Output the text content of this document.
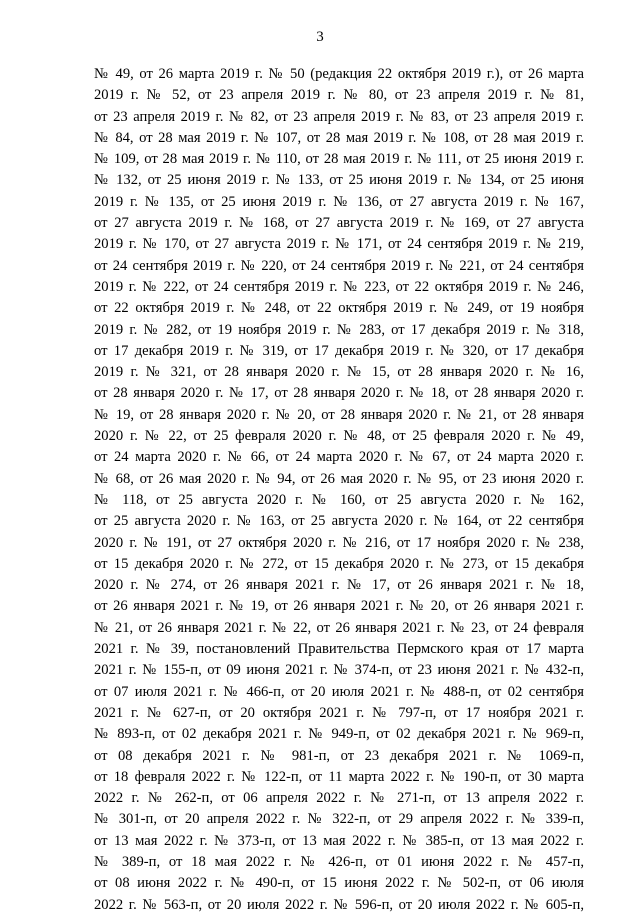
3
№ 49, от 26 марта 2019 г. № 50 (редакция 22 октября 2019 г.), от 26 марта
2019 г. № 52, от 23 апреля 2019 г. № 80, от 23 апреля 2019 г. № 81,
от 23 апреля 2019 г. № 82, от 23 апреля 2019 г. № 83, от 23 апреля 2019 г.
№ 84, от 28 мая 2019 г. № 107, от 28 мая 2019 г. № 108, от 28 мая 2019 г.
№ 109, от 28 мая 2019 г. № 110, от 28 мая 2019 г. № 111, от 25 июня 2019 г.
№ 132, от 25 июня 2019 г. № 133, от 25 июня 2019 г. № 134, от 25 июня
2019 г. № 135, от 25 июня 2019 г. № 136, от 27 августа 2019 г. № 167,
от 27 августа 2019 г. № 168, от 27 августа 2019 г. № 169, от 27 августа
2019 г. № 170, от 27 августа 2019 г. № 171, от 24 сентября 2019 г. № 219,
от 24 сентября 2019 г. № 220, от 24 сентября 2019 г. № 221, от 24 сентября
2019 г. № 222, от 24 сентября 2019 г. № 223, от 22 октября 2019 г. № 246,
от 22 октября 2019 г. № 248, от 22 октября 2019 г. № 249, от 19 ноября
2019 г. № 282, от 19 ноября 2019 г. № 283, от 17 декабря 2019 г. № 318,
от 17 декабря 2019 г. № 319, от 17 декабря 2019 г. № 320, от 17 декабря
2019 г. № 321, от 28 января 2020 г. № 15, от 28 января 2020 г. № 16,
от 28 января 2020 г. № 17, от 28 января 2020 г. № 18, от 28 января 2020 г.
№ 19, от 28 января 2020 г. № 20, от 28 января 2020 г. № 21, от 28 января
2020 г. № 22, от 25 февраля 2020 г. № 48, от 25 февраля 2020 г. № 49,
от 24 марта 2020 г. № 66, от 24 марта 2020 г. № 67, от 24 марта 2020 г.
№ 68, от 26 мая 2020 г. № 94, от 26 мая 2020 г. № 95, от 23 июня 2020 г.
№ 118, от 25 августа 2020 г. № 160, от 25 августа 2020 г. № 162,
от 25 августа 2020 г. № 163, от 25 августа 2020 г. № 164, от 22 сентября
2020 г. № 191, от 27 октября 2020 г. № 216, от 17 ноября 2020 г. № 238,
от 15 декабря 2020 г. № 272, от 15 декабря 2020 г. № 273, от 15 декабря
2020 г. № 274, от 26 января 2021 г. № 17, от 26 января 2021 г. № 18,
от 26 января 2021 г. № 19, от 26 января 2021 г. № 20, от 26 января 2021 г.
№ 21, от 26 января 2021 г. № 22, от 26 января 2021 г. № 23, от 24 февраля
2021 г. № 39, постановлений Правительства Пермского края от 17 марта
2021 г. № 155-п, от 09 июня 2021 г. № 374-п, от 23 июня 2021 г. № 432-п,
от 07 июля 2021 г. № 466-п, от 20 июля 2021 г. № 488-п, от 02 сентября
2021 г. № 627-п, от 20 октября 2021 г. № 797-п, от 17 ноября 2021 г.
№ 893-п, от 02 декабря 2021 г. № 949-п, от 02 декабря 2021 г. № 969-п,
от 08 декабря 2021 г. № 981-п, от 23 декабря 2021 г. № 1069-п,
от 18 февраля 2022 г. № 122-п, от 11 марта 2022 г. № 190-п, от 30 марта
2022 г. № 262-п, от 06 апреля 2022 г. № 271-п, от 13 апреля 2022 г.
№ 301-п, от 20 апреля 2022 г. № 322-п, от 29 апреля 2022 г. № 339-п,
от 13 мая 2022 г. № 373-п, от 13 мая 2022 г. № 385-п, от 13 мая 2022 г.
№ 389-п, от 18 мая 2022 г. № 426-п, от 01 июня 2022 г. № 457-п,
от 08 июня 2022 г. № 490-п, от 15 июня 2022 г. № 502-п, от 06 июля
2022 г. № 563-п, от 20 июля 2022 г. № 596-п, от 20 июля 2022 г. № 605-п,
